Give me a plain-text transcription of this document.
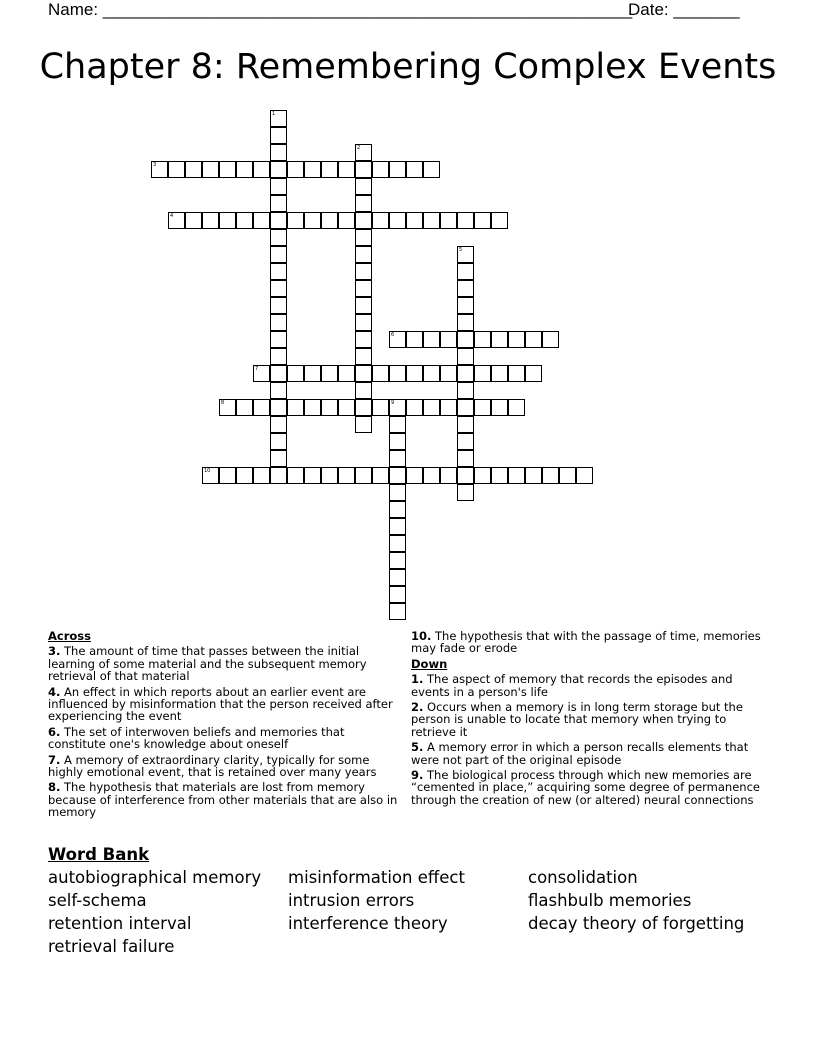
Name: ________________________________________________________
Date: _______
Chapter 8: Remembering Complex Events
1
2
3
4
5
6
7
8	9
10
Across
3. The amount of time that passes between the initial learning of some material and the subsequent memory retrieval of that material
4. An effect in which reports about an earlier event are influenced by misinformation that the person received after experiencing the event
6. The set of interwoven beliefs and memories that constitute one's knowledge about oneself
7. A memory of extraordinary clarity, typically for some highly emotional event, that is retained over many years
8. The hypothesis that materials are lost from memory because of interference from other materials that are also in memory
10. The hypothesis that with the passage of time, memories may fade or erode
Down
1. The aspect of memory that records the episodes and events in a person's life
2. Occurs when a memory is in long term storage but the person is unable to locate that memory when trying to retrieve it
5. A memory error in which a person recalls elements that were not part of the original episode
9. The biological process through which new memories are “cemented in place,” acquiring some degree of permanence through the creation of new (or altered) neural connections
Word Bank
autobiographical memory	misinformation effect	consolidation
self-schema	intrusion errors	flashbulb memories
retention interval	interference theory	decay theory of forgetting
retrieval failure
